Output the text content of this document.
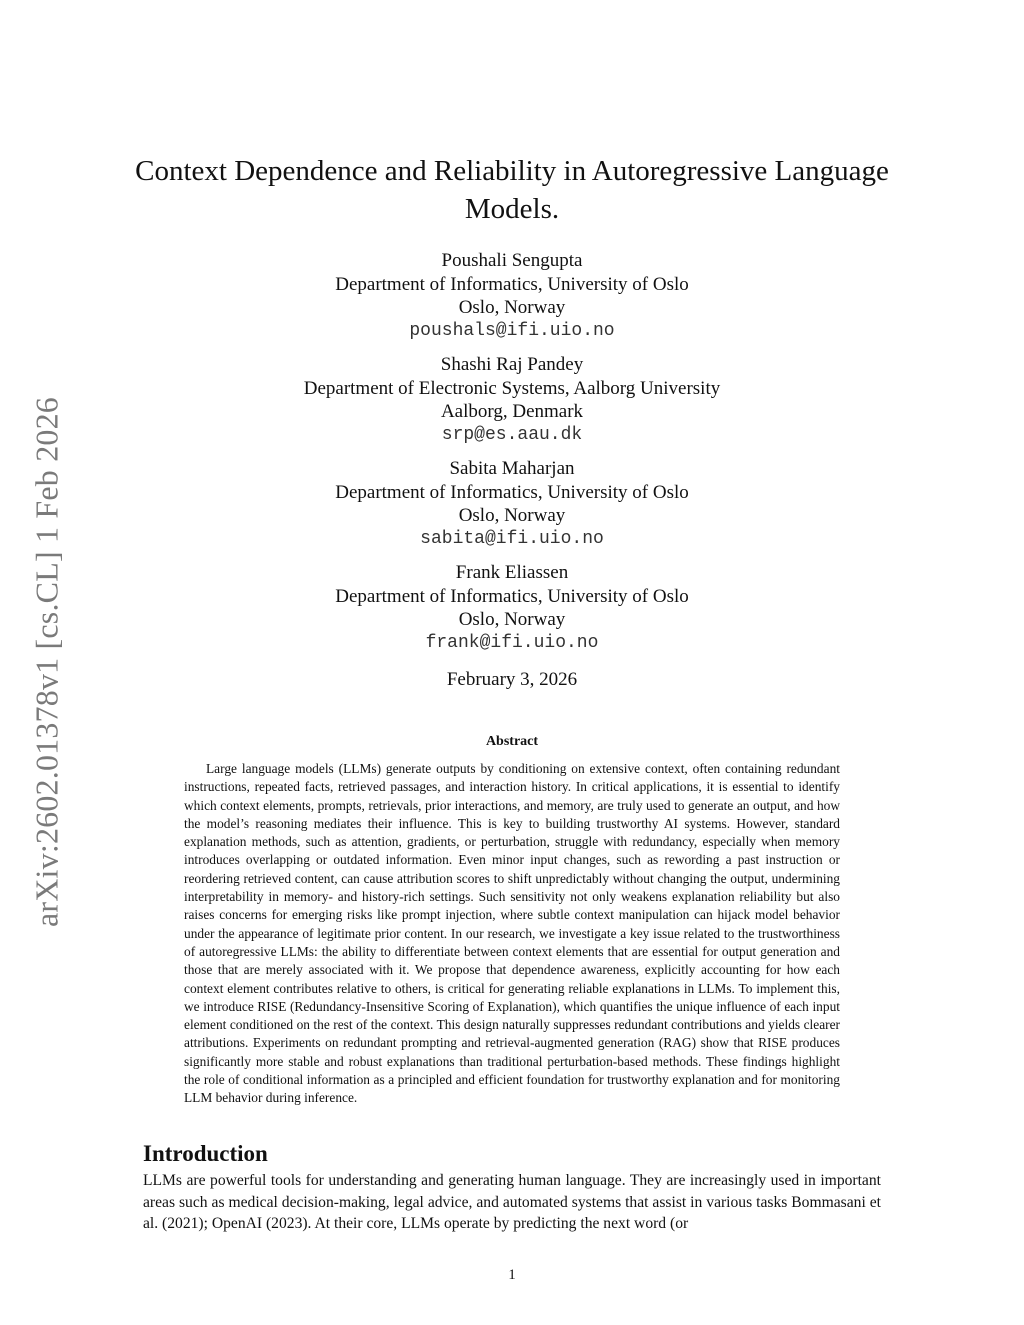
arXiv:2602.01378v1 [cs.CL] 1 Feb 2026
Context Dependence and Reliability in Autoregressive Language Models.
Poushali Sengupta
Department of Informatics, University of Oslo
Oslo, Norway
poushals@ifi.uio.no
Shashi Raj Pandey
Department of Electronic Systems, Aalborg University
Aalborg, Denmark
srp@es.aau.dk
Sabita Maharjan
Department of Informatics, University of Oslo
Oslo, Norway
sabita@ifi.uio.no
Frank Eliassen
Department of Informatics, University of Oslo
Oslo, Norway
frank@ifi.uio.no
February 3, 2026
Abstract

Large language models (LLMs) generate outputs by conditioning on extensive context, often containing redundant instructions, repeated facts, retrieved passages, and interaction history. In critical applications, it is essential to identify which context elements, prompts, retrievals, prior interactions, and memory, are truly used to generate an output, and how the model’s reasoning mediates their influence. This is key to building trustworthy AI systems. However, standard explanation methods, such as attention, gradients, or perturbation, struggle with redundancy, especially when memory introduces overlapping or outdated information. Even minor input changes, such as rewording a past instruction or reordering retrieved content, can cause attribution scores to shift unpredictably without changing the output, undermining interpretability in memory- and history-rich settings. Such sensitivity not only weakens explanation reliability but also raises concerns for emerging risks like prompt injection, where subtle context manipulation can hijack model behavior under the appearance of legitimate prior content. In our research, we investigate a key issue related to the trustworthiness of autoregressive LLMs: the ability to differentiate between context elements that are essential for output generation and those that are merely associated with it. We propose that dependence awareness, explicitly accounting for how each context element contributes relative to others, is critical for generating reliable explanations in LLMs. To implement this, we introduce RISE (Redundancy-Insensitive Scoring of Explanation), which quantifies the unique influence of each input element conditioned on the rest of the context. This design naturally suppresses redundant contributions and yields clearer attributions. Experiments on redundant prompting and retrieval-augmented generation (RAG) show that RISE produces significantly more stable and robust explanations than traditional perturbation-based methods. These findings highlight the role of conditional information as a principled and efficient foundation for trustworthy explanation and for monitoring LLM behavior during inference.

Introduction

LLMs are powerful tools for understanding and generating human language. They are increasingly used in important areas such as medical decision-making, legal advice, and automated systems that assist in various tasks Bommasani et al. (2021); OpenAI (2023). At their core, LLMs operate by predicting the next word (or

1
